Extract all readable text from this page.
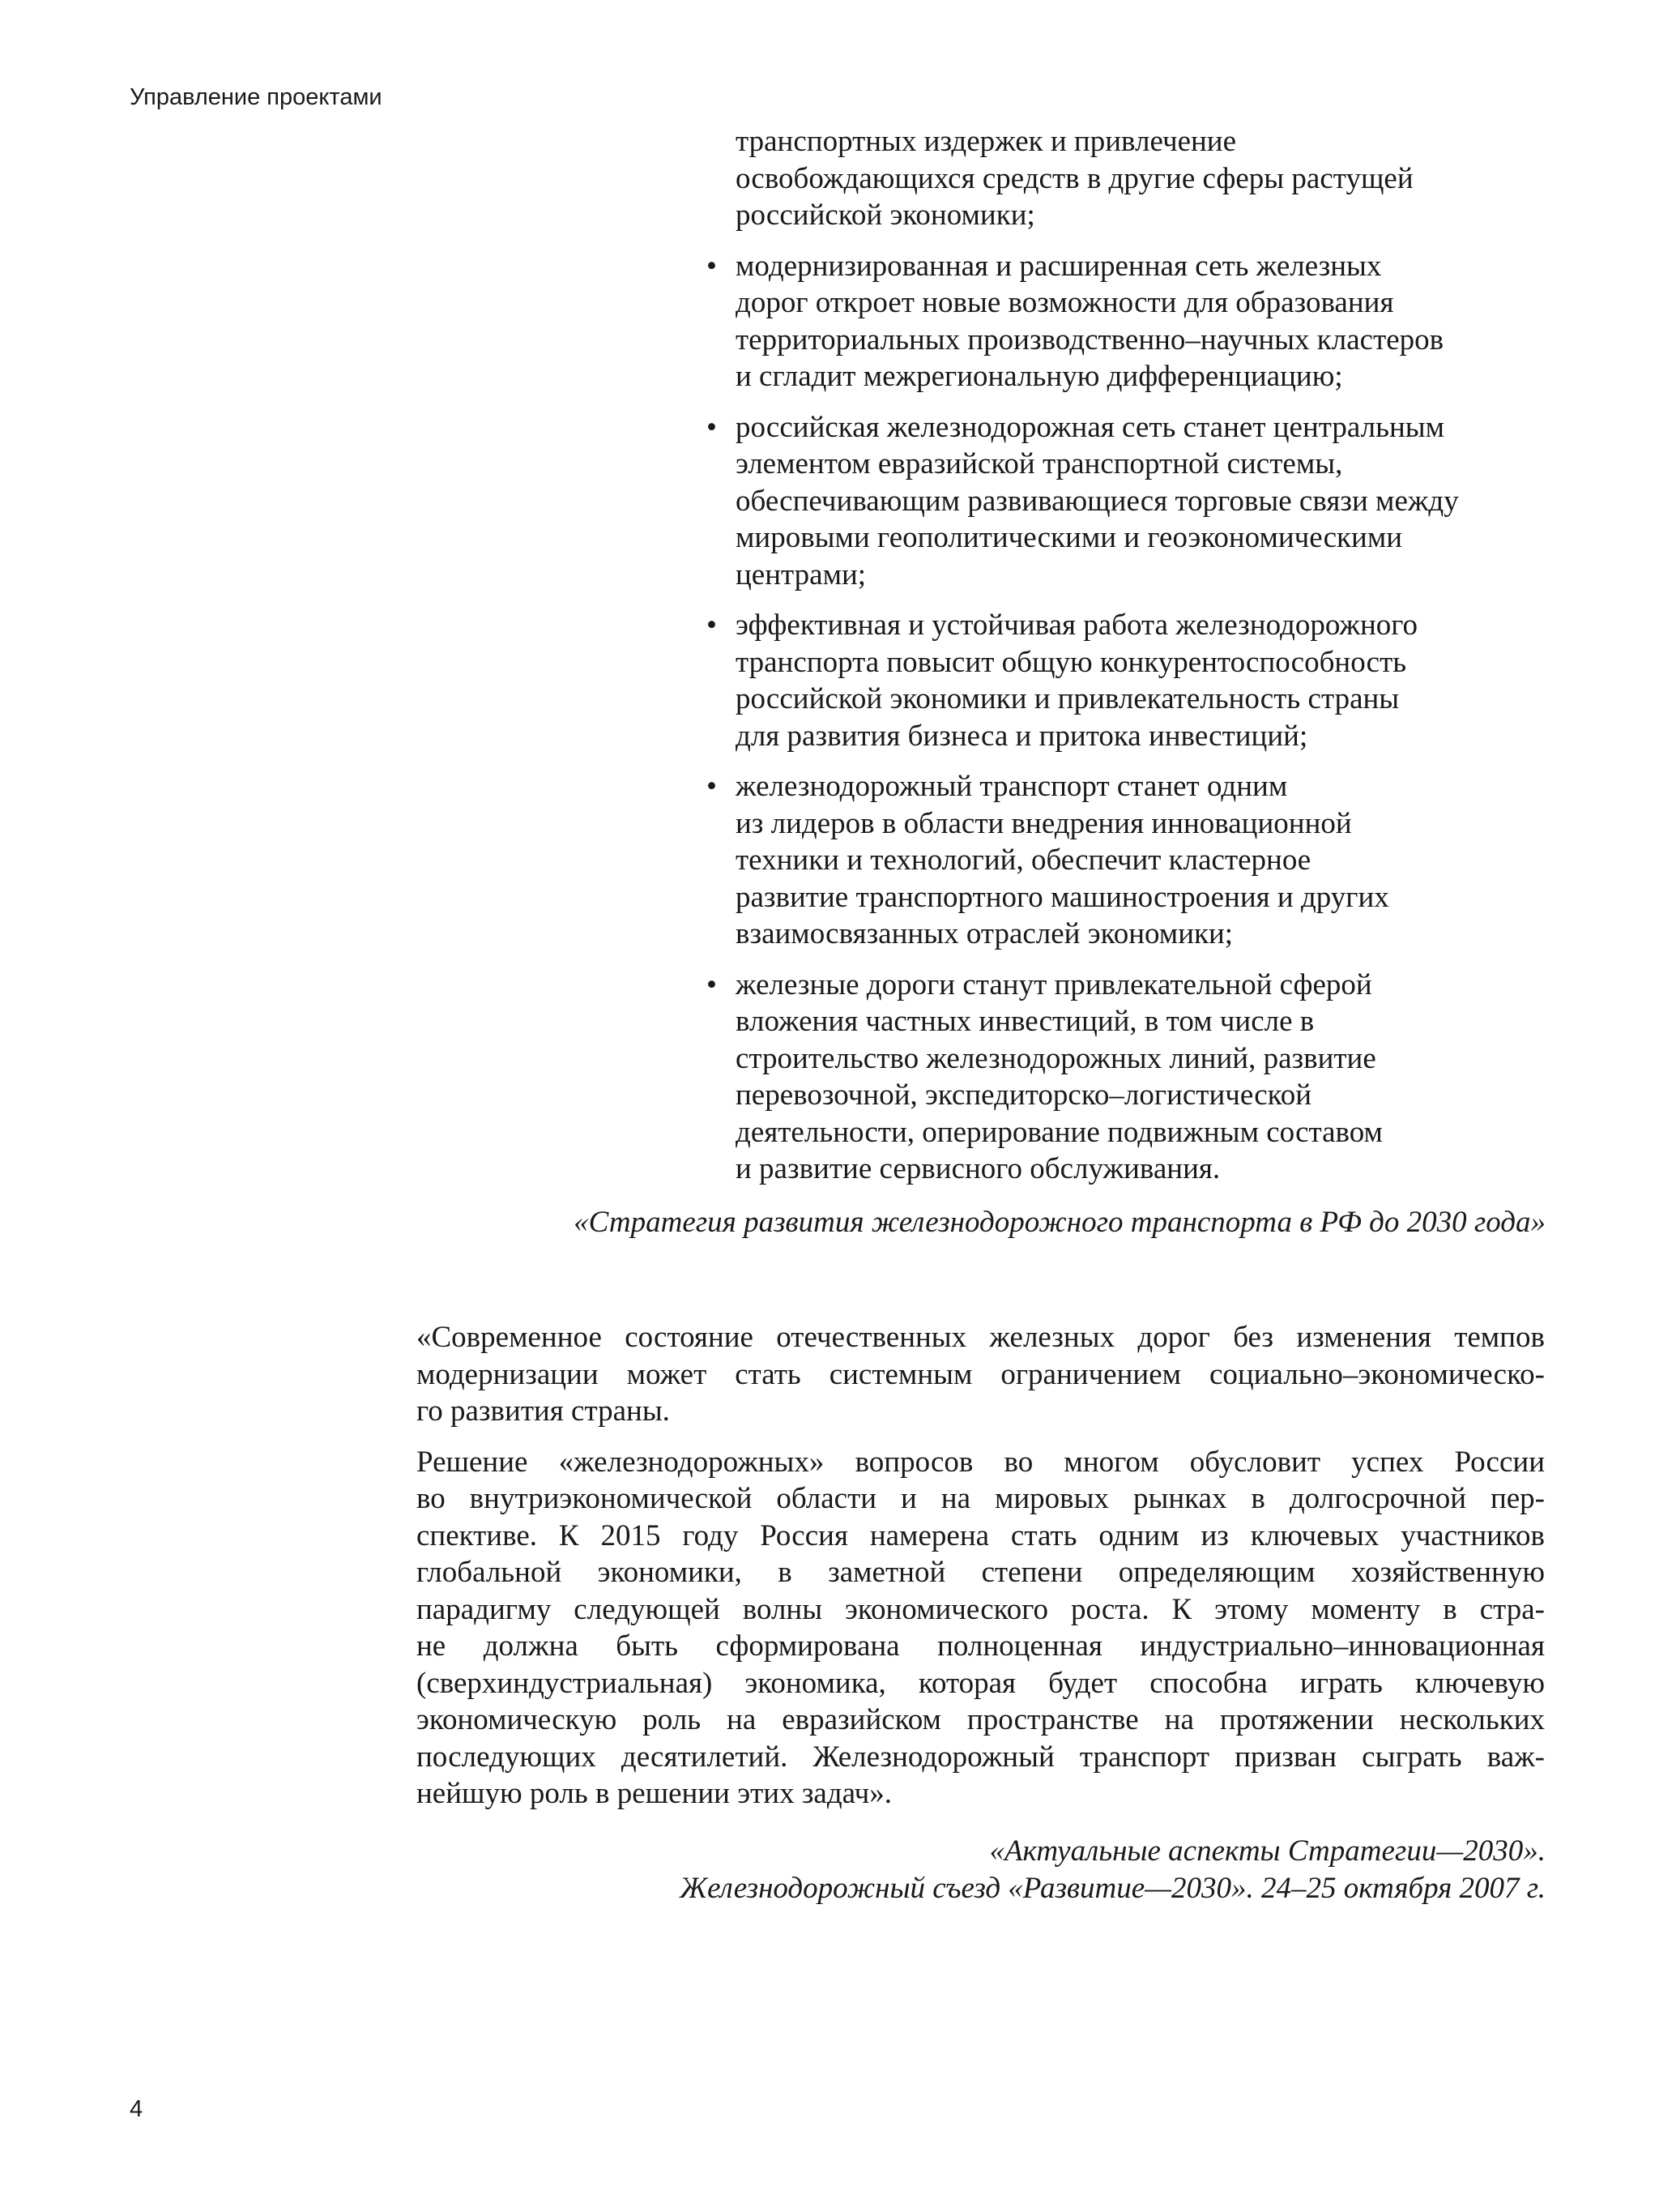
Управление проектами
транспортных издержек и привлечение
освобождающихся средств в другие сферы растущей
российской экономики;
• модернизированная и расширенная сеть железных
дорог откроет новые возможности для образования
территориальных производственно–научных кластеров
и сгладит межрегиональную дифференциацию;
• российская железнодорожная сеть станет центральным
элементом евразийской транспортной системы,
обеспечивающим развивающиеся торговые связи между
мировыми геополитическими и геоэкономическими
центрами;
• эффективная и устойчивая работа железнодорожного
транспорта повысит общую конкурентоспособность
российской экономики и привлекательность страны
для развития бизнеса и притока инвестиций;
• железнодорожный транспорт станет одним
из лидеров в области внедрения инновационной
техники и технологий, обеспечит кластерное
развитие транспортного машиностроения и других
взаимосвязанных отраслей экономики;
• железные дороги станут привлекательной сферой
вложения частных инвестиций, в том числе в
строительство железнодорожных линий, развитие
перевозочной, экспедиторско–логистической
деятельности, оперирование подвижным составом
и развитие сервисного обслуживания.
«Стратегия развития железнодорожного транспорта в РФ до 2030 года»

«Современное состояние отечественных железных дорог без изменения темпов
модернизации может стать системным ограничением социально–экономическо-
го развития страны.

Решение «железнодорожных» вопросов во многом обусловит успех России
во внутриэкономической области и на мировых рынках в долгосрочной пер-
спективе. К 2015 году Россия намерена стать одним из ключевых участников
глобальной экономики, в заметной степени определяющим хозяйственную
парадигму следующей волны экономического роста. К этому моменту в стра-
не должна быть сформирована полноценная индустриально–инновационная
(сверхиндустриальная) экономика, которая будет способна играть ключевую
экономическую роль на евразийском пространстве на протяжении нескольких
последующих десятилетий. Железнодорожный транспорт призван сыграть важ-
нейшую роль в решении этих задач».

«Актуальные аспекты Стратегии—2030».
Железнодорожный съезд «Развитие—2030». 24–25 октября 2007 г.
4
